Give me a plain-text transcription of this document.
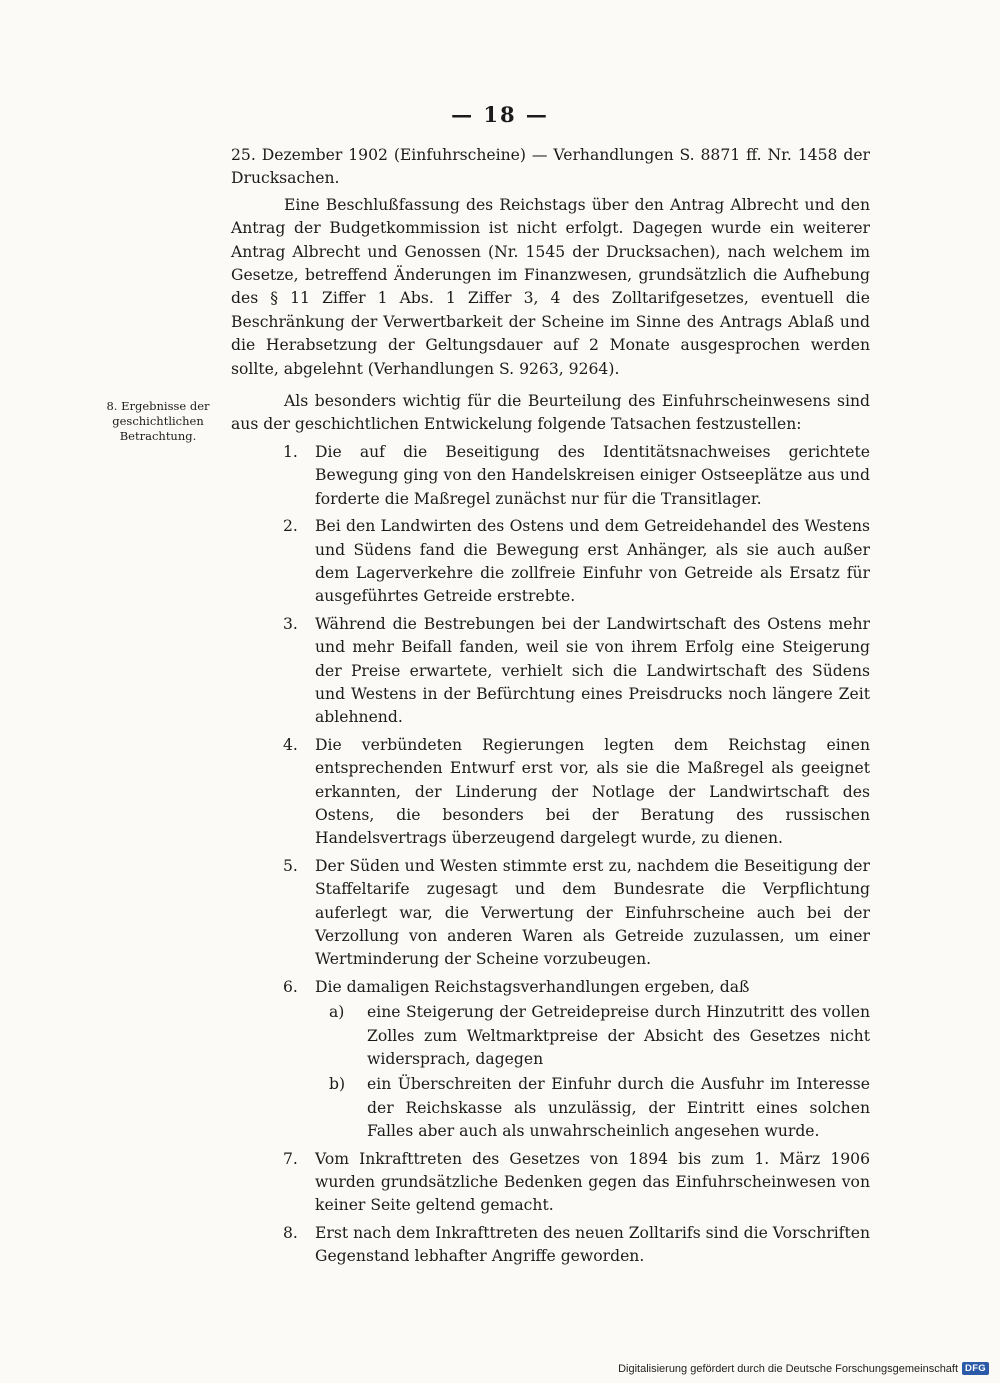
— 18 —
8. Ergebnisse der geschichtlichen Betrachtung.

25. Dezember 1902 (Einfuhrscheine) — Verhandlungen S. 8871 ff. Nr. 1458 der Drucksachen.

Eine Beschlußfassung des Reichstags über den Antrag Albrecht und den Antrag der Budgetkommission ist nicht erfolgt. Dagegen wurde ein weiterer Antrag Albrecht und Genossen (Nr. 1545 der Drucksachen), nach welchem im Gesetze, betreffend Änderungen im Finanzwesen, grundsätzlich die Aufhebung des § 11 Ziffer 1 Abs. 1 Ziffer 3, 4 des Zolltarifgesetzes, eventuell die Beschränkung der Verwertbarkeit der Scheine im Sinne des Antrags Ablaß und die Herabsetzung der Geltungsdauer auf 2 Monate ausgesprochen werden sollte, abgelehnt (Verhandlungen S. 9263, 9264).

Als besonders wichtig für die Beurteilung des Einfuhrscheinwesens sind aus der geschichtlichen Entwickelung folgende Tatsachen festzustellen:

1.	Die auf die Beseitigung des Identitätsnachweises gerichtete Bewegung ging von den Handelskreisen einiger Ostseeplätze aus und forderte die Maßregel zunächst nur für die Transitlager.

2.	Bei den Landwirten des Ostens und dem Getreidehandel des Westens und Südens fand die Bewegung erst Anhänger, als sie auch außer dem Lagerverkehre die zollfreie Einfuhr von Getreide als Ersatz für ausgeführtes Getreide erstrebte.

3.	Während die Bestrebungen bei der Landwirtschaft des Ostens mehr und mehr Beifall fanden, weil sie von ihrem Erfolg eine Steigerung der Preise erwartete, verhielt sich die Landwirtschaft des Südens und Westens in der Befürchtung eines Preisdrucks noch längere Zeit ablehnend.

4.	Die verbündeten Regierungen legten dem Reichstag einen entsprechenden Entwurf erst vor, als sie die Maßregel als geeignet erkannten, der Linderung der Notlage der Landwirtschaft des Ostens, die besonders bei der Beratung des russischen Handelsvertrags überzeugend dargelegt wurde, zu dienen.

5.	Der Süden und Westen stimmte erst zu, nachdem die Beseitigung der Staffeltarife zugesagt und dem Bundesrate die Verpflichtung auferlegt war, die Verwertung der Einfuhrscheine auch bei der Verzollung von anderen Waren als Getreide zuzulassen, um einer Wertminderung der Scheine vorzubeugen.

6.	Die damaligen Reichstagsverhandlungen ergeben, daß

a)	eine Steigerung der Getreidepreise durch Hinzutritt des vollen Zolles zum Weltmarktpreise der Absicht des Gesetzes nicht widersprach, dagegen

b)	ein Überschreiten der Einfuhr durch die Ausfuhr im Interesse der Reichskasse als unzulässig, der Eintritt eines solchen Falles aber auch als unwahrscheinlich angesehen wurde.

7.	Vom Inkrafttreten des Gesetzes von 1894 bis zum 1. März 1906 wurden grundsätzliche Bedenken gegen das Einfuhrscheinwesen von keiner Seite geltend gemacht.

8.	Erst nach dem Inkrafttreten des neuen Zolltarifs sind die Vorschriften Gegenstand lebhafter Angriffe geworden.

Digitalisierung gefördert durch die Deutsche Forschungsgemeinschaft DFG
